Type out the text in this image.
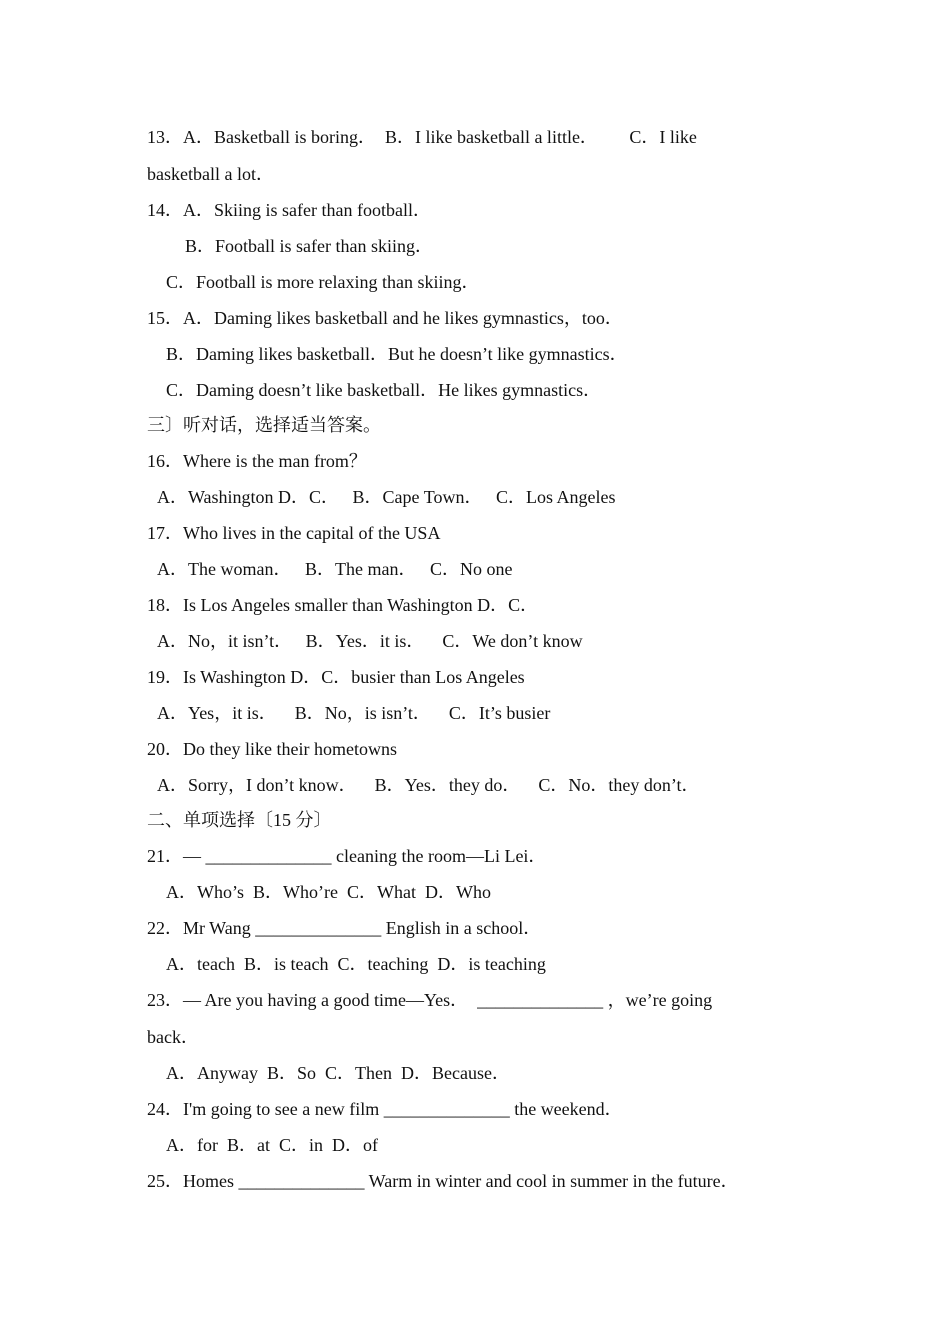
13．A．Basketball is boring．  B．I like basketball a little．       C．I like
basketball a lot．
14．A．Skiing is safer than football．
B．Football is safer than skiing．
C．Football is more relaxing than skiing．
15．A．Daming likes basketball and he likes gymnastics，too．
B．Daming likes basketball．But he doesn’t like gymnastics．
C．Daming doesn’t like basketball．He likes gymnastics．
三〕听对话，选择适当答案。
16．Where is the man from？
A．Washington D．C．   B．Cape Town．   C．Los Angeles
17．Who lives in the capital of the USA
A．The woman．   B．The man．   C．No one
18．Is Los Angeles smaller than Washington D．C．
A．No，it isn’t．   B．Yes．it is．    C．We don’t know
19．Is Washington D．C．busier than Los Angeles
A．Yes，it is．    B．No，is isn’t．    C．It’s busier
20．Do they like their hometowns
A．Sorry，I don’t know．    B．Yes．they do．    C．No．they don’t．
二、单项选择〔15 分〕
21．— ______________ cleaning the room—Li Lei．
A．Who’s  B．Who’re  C．What  D．Who
22．Mr Wang ______________ English in a school．
A．teach  B．is teach  C．teaching  D．is teaching
23．— Are you having a good time—Yes．  ______________ ，we’re going
back．
A．Anyway  B．So  C．Then  D．Because．
24．I'm going to see a new film ______________ the weekend．
A．for  B．at  C．in  D．of
25．Homes ______________ Warm in winter and cool in summer in the future．
